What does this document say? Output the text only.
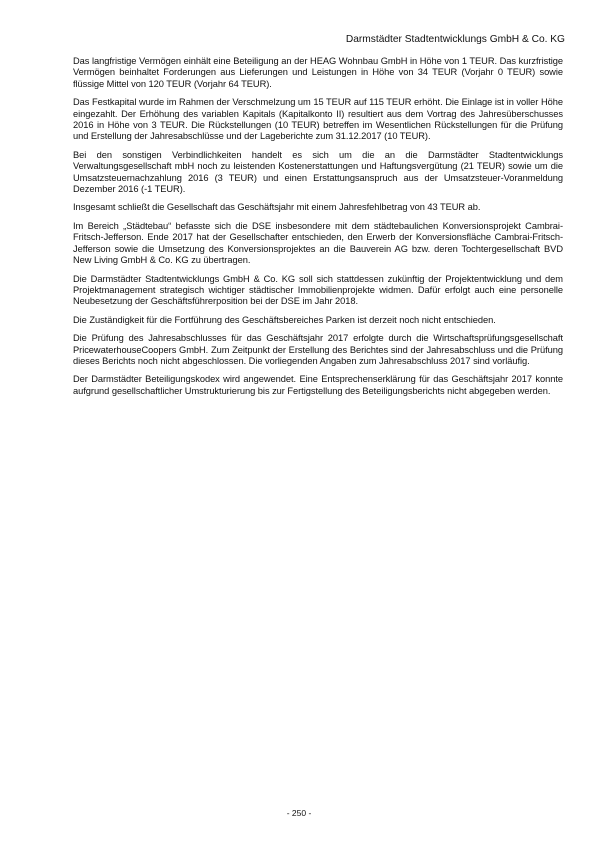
Darmstädter Stadtentwicklungs GmbH & Co. KG

Das langfristige Vermögen einhält eine Beteiligung an der HEAG Wohnbau GmbH in Höhe von 1 TEUR. Das kurzfristige Vermögen beinhaltet Forderungen aus Lieferungen und Leistungen in Höhe von 34 TEUR (Vorjahr 0 TEUR) sowie flüssige Mittel von 120 TEUR (Vorjahr 64 TEUR).

Das Festkapital wurde im Rahmen der Verschmelzung um 15 TEUR auf 115 TEUR erhöht. Die Einlage ist in voller Höhe eingezahlt. Der Erhöhung des variablen Kapitals (Kapitalkonto II) resultiert aus dem Vortrag des Jahresüberschusses 2016 in Höhe von 3 TEUR. Die Rückstellungen (10 TEUR) betreffen im Wesentlichen Rückstellungen für die Prüfung und Erstellung der Jahresabschlüsse und der Lageberichte zum 31.12.2017 (10 TEUR).

Bei den sonstigen Verbindlichkeiten handelt es sich um die an die Darmstädter Stadtentwicklungs Verwaltungsgesellschaft mbH noch zu leistenden Kostenerstattungen und Haftungsvergütung (21 TEUR) sowie um die Umsatzsteuernachzahlung 2016 (3 TEUR) und einen Erstattungsanspruch aus der Umsatzsteuer-Voranmeldung Dezember 2016 (-1 TEUR).

Insgesamt schließt die Gesellschaft das Geschäftsjahr mit einem Jahresfehlbetrag von 43 TEUR ab.

Im Bereich „Städtebau“ befasste sich die DSE insbesondere mit dem städtebaulichen Konversionsprojekt Cambrai-Fritsch-Jefferson. Ende 2017 hat der Gesellschafter entschieden, den Erwerb der Konversionsfläche Cambrai-Fritsch-Jefferson sowie die Umsetzung des Konversionsprojektes an die Bauverein AG bzw. deren Tochtergesellschaft BVD New Living GmbH & Co. KG zu übertragen.

Die Darmstädter Stadtentwicklungs GmbH & Co. KG soll sich stattdessen zukünftig der Projektentwicklung und dem Projektmanagement strategisch wichtiger städtischer Immobilienprojekte widmen. Dafür erfolgt auch eine personelle Neubesetzung der Geschäftsführerposition bei der DSE im Jahr 2018.

Die Zuständigkeit für die Fortführung des Geschäftsbereiches Parken ist derzeit noch nicht entschieden.

Die Prüfung des Jahresabschlusses für das Geschäftsjahr 2017 erfolgte durch die Wirtschaftsprüfungsgesellschaft PricewaterhouseCoopers GmbH. Zum Zeitpunkt der Erstellung des Berichtes sind der Jahresabschluss und die Prüfung dieses Berichts noch nicht abgeschlossen. Die vorliegenden Angaben zum Jahresabschluss 2017 sind vorläufig.

Der Darmstädter Beteiligungskodex wird angewendet. Eine Entsprechenserklärung für das Geschäftsjahr 2017 konnte aufgrund gesellschaftlicher Umstrukturierung bis zur Fertigstellung des Beteiligungsberichts nicht abgegeben werden.

- 250 -
